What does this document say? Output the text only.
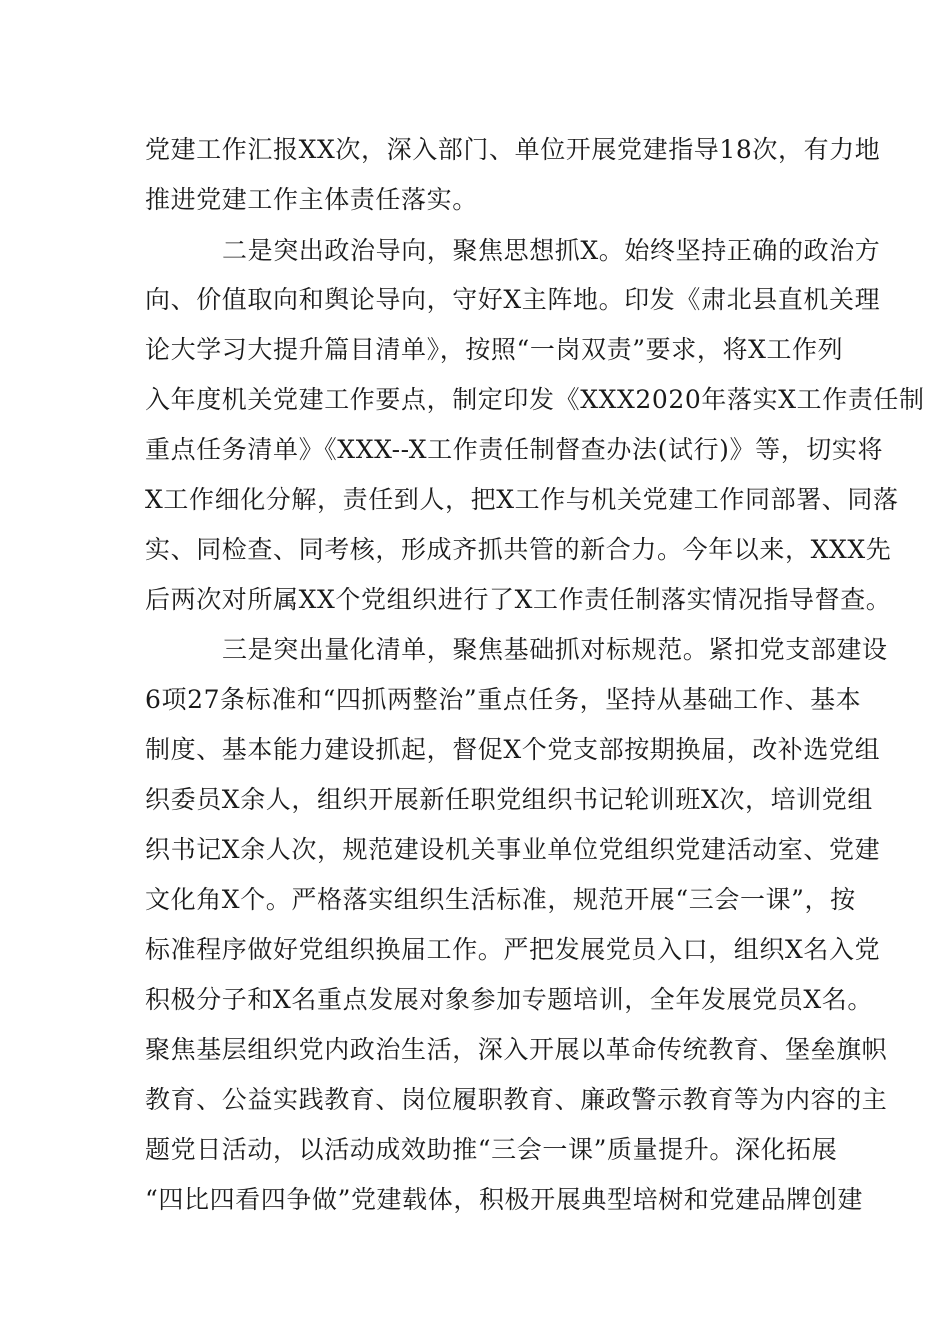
党建工作汇报XX次，深入部门、单位开展党建指导18次，有力地
推进党建工作主体责任落实。
二是突出政治导向，聚焦思想抓X。始终坚持正确的政治方
向、价值取向和舆论导向，守好X主阵地。印发《肃北县直机关理
论大学习大提升篇目清单》，按照“一岗双责”要求，将X工作列
入年度机关党建工作要点，制定印发《XXX2020年落实X工作责任制
重点任务清单》《XXX--X工作责任制督查办法(试行)》等，切实将
X工作细化分解，责任到人，把X工作与机关党建工作同部署、同落
实、同检查、同考核，形成齐抓共管的新合力。今年以来，XXX先
后两次对所属XX个党组织进行了X工作责任制落实情况指导督查。
三是突出量化清单，聚焦基础抓对标规范。紧扣党支部建设
6项27条标准和“四抓两整治”重点任务，坚持从基础工作、基本
制度、基本能力建设抓起，督促X个党支部按期换届，改补选党组
织委员X余人，组织开展新任职党组织书记轮训班X次，培训党组
织书记X余人次，规范建设机关事业单位党组织党建活动室、党建
文化角X个。严格落实组织生活标准，规范开展“三会一课”，按
标准程序做好党组织换届工作。严把发展党员入口，组织X名入党
积极分子和X名重点发展对象参加专题培训，全年发展党员X名。
聚焦基层组织党内政治生活，深入开展以革命传统教育、堡垒旗帜
教育、公益实践教育、岗位履职教育、廉政警示教育等为内容的主
题党日活动，以活动成效助推“三会一课”质量提升。深化拓展
“四比四看四争做”党建载体，积极开展典型培树和党建品牌创建
